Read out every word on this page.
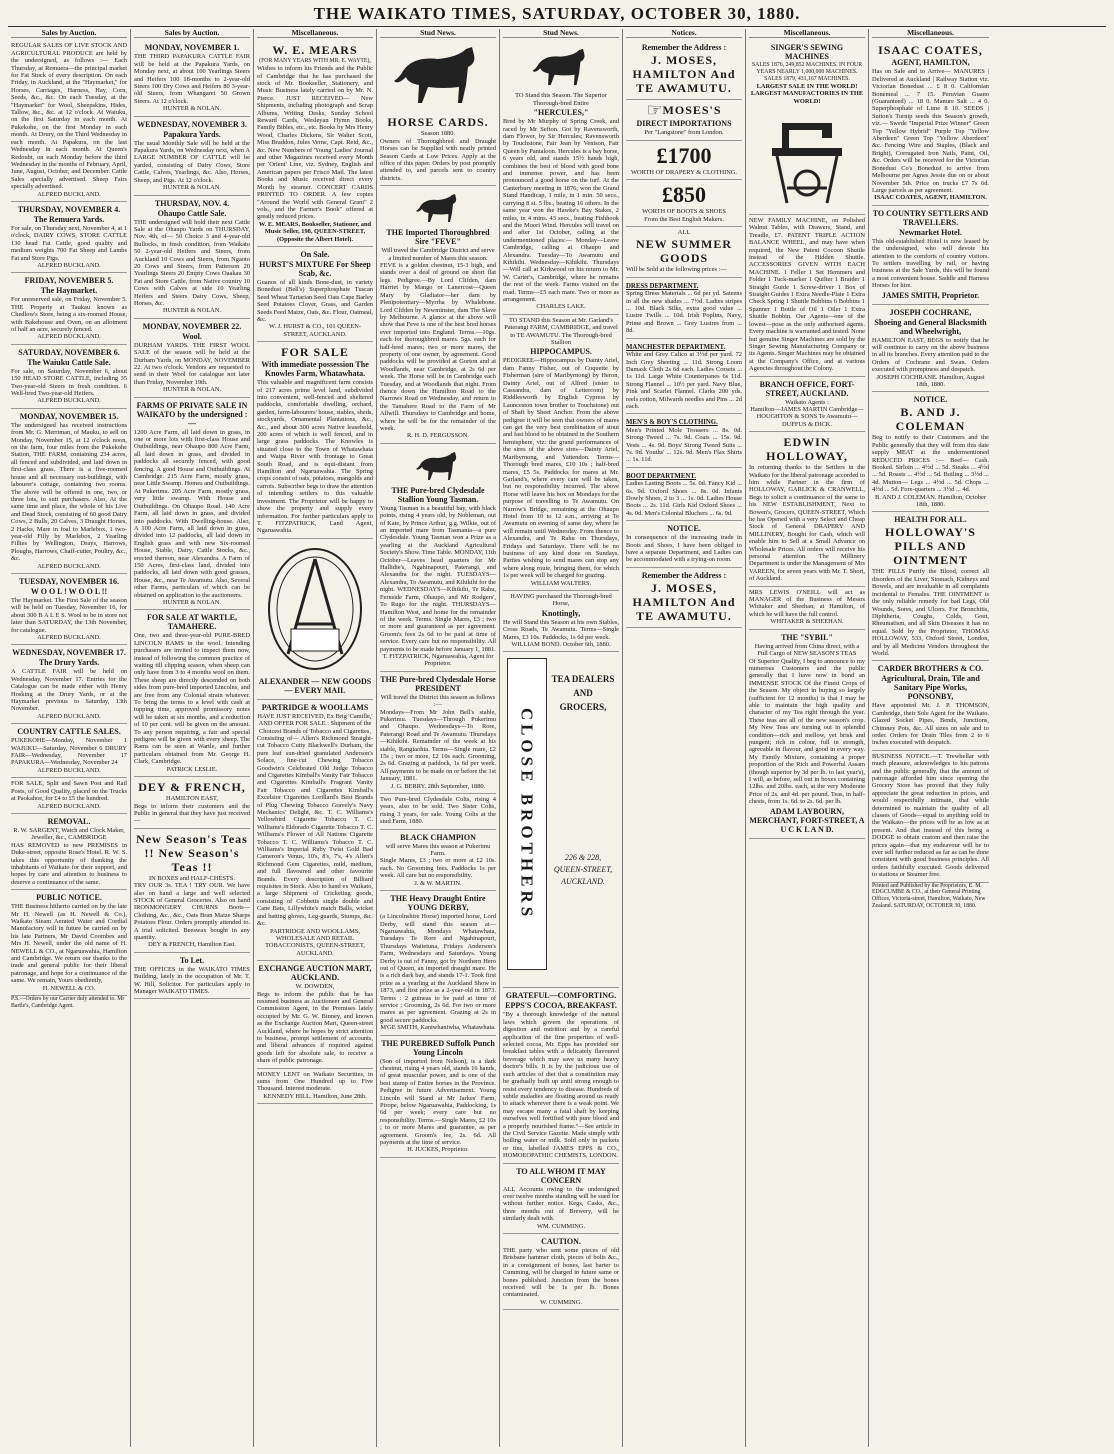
THE WAIKATO TIMES, SATURDAY, OCTOBER 30, 1880.
Sales by Auction.
REGULAR SALES OF LIVE STOCK AND AGRICULTURAL PRODUCE are held by the undersigned, as follows :— Each Thursday, at Remuera—the principal market for Fat Stock of every description. On each Friday, in Auckland, at the "Haymarket," for Horses, Carriages, Harness, Hay, Corn, Seeds, &c., &c. On each Tuesday, at the "Haymarket" for Wool, Sheepskins, Hides, Tallow, &c., &c. at 12 o'clock. At Waiuku, on the first Saturday in each month. At Pukekohe, on the first Monday in each month. At Drury, on the Third Wednesday in each month. At Papakura, on the last Wednesday in each month. At Queen's Redoubt, on each Monday before the third Wednesday in the months of February, April, June, August, October, and December. Cattle Sales specially advertised. Sheep Fairs specially advertised.
ALFRED BUCKLAND.
THURSDAY, NOVEMBER 4.
The Remuera Yards.
For sale, on Thursday next, November 4, at 1 o'clock, DAIRY COWS, STORE CATTLE 130 head Fat Cattle, good quality and medium weights 700 Fat Sheep and Lambs Fat and Store Pigs.
ALFRED BUCKLAND.
FRIDAY, NOVEMBER 5.
The Haymarket.
For unreserved sale, on Friday, November 5. THE Property at Taukau known as Chedlow's Store, being a six-roomed House, with Bakehouse and Oven, on an allotment of half an acre, securely fenced.
ALFRED BUCKLAND.
SATURDAY, NOVEMBER 6.
The Waiuku Cattle Sale.
For sale, on Saturday, November 6, about 150 HEAD STORE CATTLE, including 35 Two-year-old Steers in fresh condition. 6 Well-bred Two-year-old Heifers.
ALFRED BUCKLAND.
MONDAY, NOVEMBER 15.
The undersigned has received instructions from Mr. G. Merriman, of Mauku, to sell on Monday, November 15, at 12 o'clock noon, on the farm, four miles from the Pukekohe Station, THE FARM, containing 234 acres, all fenced and subdivided, and laid down in first-class grass. There is a five-roomed house and all necessary out-buildings, with labourer's cottage, containing two rooms. The above will be offered in one, two, or three lots, to suit purchasers. Also, At the same time and place, the whole of his Live and Dead Stock, consisting of 60 good Dairy Cows, 2 Bulls, 20 Calves, 3 Draught Horses, 2 Hacks, Mare in foal to Marlebox, 1 two-year-old Filly by Marlebox, 2 Yearling Fillies by Wellington, Drays, Harrows, Ploughs, Harrows, Chaff-cutter, Poultry, &c., &c.
ALFRED BUCKLAND.
TUESDAY, NOVEMBER 16.
W O O L ! W O O L !!
The Haymarket. The First Sale of the season will be held on Tuesday, November 16, for about 300 B A L E S. Wool to be in store not later than SATURDAY, the 13th November, for catalogue.
ALFRED BUCKLAND.
WEDNESDAY, NOVEMBER 17.
The Drury Yards.
A CATTLE FAIR will be held on Wednesday, November 17. Entries for the Catalogue can be made either with Henry Hosking at the Drury Yards, or at the Haymarket previous to Saturday, 13th November.
ALFRED BUCKLAND.
COUNTRY CATTLE SALES.
PUKEKOHE—Monday, November 1 WAIUKU—Saturday, November 6 DRURY FAIR—Wednesday, November 17 PAPAKURA—Wednesday, November 24
ALFRED BUCKLAND.
FOR SALE, Split and Sawn Post and Rail Posts, of Good Quality, placed on the Trucks at Paokahoe, for £4 to £5 the hundred.
ALFRED BUCKLAND.
REMOVAL.
R. W. SARGENT, Watch and Clock Maker, Jeweller, &c., CAMBRIDGE
HAS REMOVED to new PREMISES in Duke-street, opposite Rose's Hotel. R. W. S. takes this opportunity of thanking the inhabitants of Waikato for their support, and hopes by care and attention to business to deserve a continuance of the same.
PUBLIC NOTICE.
THE Business hitherto carried on by the late Mr H. Newell (as H. Newell & Co.), Waikato Steam Aerated Water and Cordial Manufactory will in future be carried on by his late Partners, Mr David Coombes and Mrs H. Newell, under the old name of H. NEWELL & CO., at Ngaruawahia, Hamilton and Cambridge. We return our thanks to the trade and general public for their liberal patronage, and hope for a continuance of the same. We remain, Yours obediently,
H. NEWELL & CO.
P.S.—Orders by our Carrier duly attended to. Mr Bartle's, Cambridge Agent.
Sales by Auction.
MONDAY, NOVEMBER 1.
THE THIRD PAPAKURA CATTLE FAIR will be held at the Papakura Yards, on Monday next, at about 100 Yearlings Steers and Heifers 100 18-months to 2-year-old Steers 100 Dry Cows and Heifers 80 3-year-old Steers, from Whangarei 50 Grown Steers. At 12 o'clock.
HUNTER & NOLAN.
WEDNESDAY, NOVEMBER 3.
Papakura Yards.
The usual Monthly Sale will be held at the Papakura Yards, on Wednesday next, when A LARGE NUMBER OF CATTLE will be yarded, consisting of Dairy Cows, Store Cattle, Calves, Yearlings, &c. Also, Horses, Sheep, and Pigs. At 12 o'clock.
HUNTER & NOLAN.
THURSDAY, NOV. 4.
Ohaupo Cattle Sale.
THE undersigned will hold their next Cattle Sale at the Ohaupo Yards on THURSDAY, Nov. 4th, of— 50 Choice 3 and 4-year-old Bullocks, in fresh condition, from Waikato 50 2-year-old Heifers and Steers, from Auckland 10 Cows and Steers, from Ngaoto 20 Cows and Steers, from Patterson 20 Yearlings Steers 20 Empty Cows Oaakau 30 Fat and Store Cattle, from Native country 10 Cows with Calves at side 10 Yearling Heifers and Steers Dairy Cows, Sheep, Horses, &c.
HUNTER & NOLAN.
MONDAY, NOVEMBER 22.
Wool.
DURHAM YARDS. THE FIRST WOOL SALE of the season will be held at the Durham Yards, on MONDAY, NOVEMBER 22. At two o'clock. Vendors are requested to send in their Wool for catalogue not later than Friday, November 19th.
HUNTER & NOLAN.
FARMS OF PRIVATE SALE IN WAIKATO by the undersigned :—
1200 Acre Farm, all laid down in grass, in one or more lots with first-class House and Outbuildings, near Ohaupo 800 Acre Farm, all laid down in grass, and divided in paddocks all securely fenced, with good fencing. A good House and Outbuildings. At Cambridge. 215 Acre Farm, mostly grass, near Little Swamp. Homes and Outbuildings. At Pukerimu. 205 Acre Farm, mostly grass, very little swamp. With House and Outbuildings. On Ohaupo Road. 140 Acre Farm, all laid down in grass, and divided into paddocks. With Dwelling-house. Also, A 100 Acre Farm, all laid down in grass, divided into 12 paddocks, all laid down in English grass and with new Six-roomed House, Stable, Dairy, Cattle Stocks, &c., erected thereon, near Alexandra. A Farm of 150 Acres, first-class land, divided into paddocks, all laid down with good grasses, House, &c., near Te Awamutu. Also, Several other Farms, particulars of which can be obtained on application to the auctioneers.
HUNTER & NOLAN.
FOR SALE AT WARTLE, TAMAHERE.
One, two and three-year-old PURE-BRED LINCOLN RAMS in the wool. Intending purchasers are invited to inspect them now, instead of following the common practice of waiting till clipping season, when sheep can only have from 3 to 4 months wool on them. These sheep are directly descended on both sides from pure-bred imported Lincolns, and are free from any Colonial strain whatever. To bring the terms to a level with cash at tupping time, approved promissory notes will be taken at six months, and a reduction of 10 per cent. will be given on the amount. To any person requiring, a fair and special pedigree will be given with every sheep. The Rams can be seen at Wartle, and further particulars obtained from Mr. George H. Clark, Cambridge.
PATRICK LESLIE.
DEY & FRENCH,
HAMILTON EAST,
Begs to inform their customers and the Public in general that they have just received—
New Season's Teas !! New Season's Teas !!
IN BOXES and HALF-CHESTS.
TRY OUR 3s. TEA ! TRY OUR. We have also on hand a large and well selected STOCK of General Groceries. Also on hand IRONMONGERY CHURNS Boots—Clothing, &c., &c., Oats Bran Maize Sharps Potatoes Flour. Orders promptly attended to. A trial solicited. Beeswax bought in any quantity.
DEY & FRENCH, Hamilton East.
To Let.
THE OFFICES in the WAIKATO TIMES Building, lately in the occupation of Mr. T. W. Hill, Solicitor. For particulars apply to Manager WAIKATO TIMES.
Miscellaneous.
W. E. MEARS
(FOR MANY YEARS WITH MR. E. WAYTE),
Wishes to inform his Friends and the Public of Cambridge that he has purchased the stock of Mr. Bookseller, Stationery, and Music Business lately carried on by Mr. N. Pierce. JUST RECEIVED— New Shipments, including photograph and Scrap Albums, Writing Desks, Sunday School Reward Cards, Wesleyan Hymn Books, Family Bibles, etc., etc. Books by Mrs Henry Wood, Charles Dickens, Sir Walter Scott, Miss Braddon, Jules Verne, Capt. Reid, &c., &c. New Numbers of 'Young' Ladies' Journal and other Magazines received every Month per 'Orient' Line, viz. Sydney, English and American papers per Frisco Mail. The latest Books and Music received direct every Month by steamer. CONCERT CARDS PRINTED TO ORDER. A few copies "Around the World with General Grant" 2 vols., and the Farmer's Book" offered at greatly reduced prices.
W. E. MEARS, Bookseller, Stationer, and Music Seller, 198, QUEEN-STREET, (Opposite the Albert Hotel).
On Sale.
HURST'S MIXTURE For Sheep Scab, &c.
Guanos of all kinds Bone-dust, in variety Bonedust (Bell's) Superphosphate Tuscan Seed Wheat Tartarian Seed Oats Cape Barley Seed Potatoes Clover, Grass, and Garden Seeds Feed Maize, Oats, &c. Flour, Oatmeal, &c.
W. J. HURST & CO., 101 QUEEN-STREET, AUCKLAND.
FOR SALE
With immediate possession The Knowles Farm, Whatawhata.
This valuable and magnificent farm consists of 217 acres prime level land, subdivided into convenient, well-fenced and sheltered paddocks, comfortable dwelling, orchard, garden, farm-labourers' house, stables, sheds, stockyards, Ornamental Plantations, &c., &c., and about 300 acres Native leasehold, 200 acres of which is well fenced, and in large grass paddocks. The Knowles is situated close to the Town of Whatawhata and Waipa River with frontage to Great South Road, and is equi-distant from Hamilton and Ngaruawahia. The Spring crops consist of oats, potatoes, mangolds and carrots. Subscriber begs to draw the attention of intending settlers to this valuable investment. The Proprietor will be happy to show the property and supply every information. For further particulars apply to T. FITZPATRICK, Land Agent, Ngaruawahia.
ALEXANDER — NEW GOODS — EVERY MAIL
PARTRIDGE & WOOLLAMS
HAVE JUST RECEIVED, Ex Brig 'Camille,' AND OFFER FOR SALE : Shipment of the Choicest Brands of Tobacco and Cigarettes,
Consisting of— Allen's Richmond Straight-cut Tobacco Cutty Blackwell's Durham, the pure leaf sun-dried granulated Anderson's Solace, fine-cut Chewing Tobacco Goodwin's Celebrated Old Judge Tobacco and Cigarettes Kimball's Vanity Fair Tobacco and Cigarettes Kimball's Fragrant Vanity Fair Tobacco and Cigarettes Kimball's Excelsior Cigarettes Lorillard's Best Brands of Plug Chewing Tobacco Gravely's Navy Mechanics' Delight, &c. T. C. Williams's Yellowbird Cigarette Tobacco T. C. Williams's Eldorado Cigarette Tobacco T. C. Williams's Flower of All Nations Cigarette Tobacco T. C. Williams's Tobacco T. C. Williams's Imperial Ruby Twist Gold Bad Cameron's Venus, 10's, 8's, 7's, 4's Allen's Richmond Gem Cigarettes, mild, medium, and full flavoured and other favourite Brands. Every description of Billiard requisites in Stock. Also to hand ex Waikato, a large Shipment of Cricketing goods, consisting of Cobbetts single double and Cane Bats, Lillywhite's match Balls, wicket and batting gloves, Leg-guards, Stumps, &c. &c.
PARTRIDGE AND WOOLLAMS, WHOLESALE AND RETAIL TOBACCONISTS, QUEEN-STREET, AUCKLAND.
EXCHANGE AUCTION MART, AUCKLAND.
W. DOWDEN,
Begs to inform the public that he has resumed business as Auctioneer and General Commission Agent, in the Premises lately occupied by Mr. G. W. Binney, and known as the Exchange Auction Mart, Queen-street Auckland, where he hopes by strict attention to business, prompt settlement of accounts, and liberal advances if required against goods left for absolute sale, to receive a share of public patronage.
MONEY LENT on Waikato Securities, in sums from One Hundred up to Five Thousand. Interest moderate.
KENNEDY HILL. Hamilton, June 28th.
Stud News.
HORSE CARDS.
Season 1880.
Owners of Thoroughbred and Draught Horses can be Supplied with neatly printed Season Cards at Low Prices. Apply at the office of this paper. Orders by post promptly attended to, and parcels sent to country districts.
THE Imported Thoroughbred Sire "FEVE"
Will travel the Cambridge District and serve a limited number of Mares this season.
FEVE is a golden chestnut, 15-3 high, and stands over a deal of ground on short flat legs. Pedigree.—By Lord Clifden, dam Harriet by Mango or Lanercost—Queen Mary by Gladiator—her dam by Plenipotentiary—Myrrha by Whalebone. Lord Clifden by Newminster, dam The Slave by Melbourne. A glance at the above will show that Feve is one of the best bred horses ever imported into England. Terms.—10gs. each for thoroughbred mares. 5gs. each for half-bred mares; two or more mares, the property of one owner, by agreement. Good paddocks will be provided at Gorton and at Woodlands, near Cambridge, at 2s 6d per week. The Horse will be in Cambridge each Tuesday, and at Woodlands that night. From thence down the Hamilton Road to the Narrows Road on Wednesday, and return to the Tamahere Road to the Farm of Mr Allwill. Thursdays to Cambridge and home, where he will be for the remainder of the week.
R. H. D. FERGUSSON.
THE Pure-bred Clydesdale Stallion Young Tasman.
Young Tasman is a beautiful bay, with black points, rising 4 years old, by Nobleman, out of Kate, by Prince Arthur, g.g. Wilkie, out of an imported mare from Tasmania—a pure Clydesdale. Young Tasman won a Prize as a yearling at the Auckland Agricultural Society's Show. Time Table. MONDAY, 11th October—Leaves head quarters for Mr Hallidie's, Ngahinapouri, Paterangi, and Alexandra for the night. TUESDAYS—Alexandra, To Awamutu, and Kihikihi for the night. WEDNESDAYS—Kihikihi, Te Rahu, Fernside Farm, Ohaupo, and Mr Rodgers', To Rugo for the night. THURSDAYS—Hamilton West, and home for the remainder of the week. Terms. Single Mares, £3 ; two or more and guaranteed as per agreement. Groom's fees 2s 6d to be paid at time of service. Every care but no responsibility. All payments to be made before January 1, 1881.
T. FITZPATRICK, Ngaruawahia, Agent for Proprietor.
THE Pure-bred Clydesdale Horse PRESIDENT
Will travel the District this season as follows :—
Mondays—From Mr John Bell's stable, Pukerimu. Tuesdays—Through Pukerimu and Ohaupo. Wednesdays—To Rore, Paterangi Road and Te Awamutu. Thursdays—Kihikihi. Remainder of the week at his stable, Rangiaohia. Terms—Single mare, £2 15s ; two or more, £2 10s each. Grooming, 2s 6d. Grazing at paddock, 1s 6d per week. All payments to be made on or before the 1st January, 1881.
J. G. BERRY. 28th September, 1880.
Two Pure-bred Clydesdale Colts, rising 4 years, also to be sold. Two Sister Colts, rising 3 years, for sale. Young Colts at the stud Farm, 1880.
BLACK CHAMPION
will serve Mares this season at Pukerimu Farm.
Single Mares, £3 ; two or more at £2 10s. each. No Grooming fees. Paddocks 1s per week. All care but no responsibility.
J. & W. MARTIN.
THE Heavy Draught Entire YOUNG DERBY,
(a Lincolnshire Horse) imported horse, Lord Derby, will stand this season at— Ngaruawahia, Mondays Whatawhata, Tuesdays Te Rore and Ngahinapouri, Thursdays Waitetuna, Fridays Anderson's Farm, Wednesdays and Saturdays. Young Derby is out of Fanny, got by Northern Hero out of Queen, an imported draught mare. He is a rich dark bay, and stands 17-1. Took first prize as a yearling at the Auckland Show in 1873, and first prize as a 2-year-old in 1873. Terms : 2 guineas to be paid at time of service ; Grooming, 2s 6d. For two or more mares as per agreement. Grazing at 2s in good secure paddocks.
M'GE SMITH, Kaniwhaniwha, Whatawhata.
THE PUREBRED Suffolk Punch Young Lincoln
(Son of imported from Nelson), is a dark chestnut, rising 4 years old, stands 16 hands, of great muscular power, and is one of the best stamp of Entire horses in the Province. Pedigree in future Advertisement. Young Lincoln will Stand at Mr Jarkes' Farm, Pirope, below Ngaruawahia, Paddocking, 1s 6d per week; every care but no responsibility. Terms.—Single Mares, £2 10s ; to or more Mares and guarantee, as per agreement. Groom's fee, 2s. 6d. All payments at the time of service.
H. JUCKES, Proprietor.
Stud News.
TO Stand this Season. The Superior Thorough-bred Entire
"HERCULES,"
Bred by Mr Murphy of Spring Creek, and raced by Mr Sefton. Got by Ravensworth, dam Flower, by Sir Hercules; Ravensworth by Touchstone, Fair Jean by Venison, Fair Queen by Pantaloon. Hercules is a bay horse, 6 years old, and stands 15½ hands high, combines the best of blood with good bone and immense power, and has been pronounced a good horse on the turf. At the Canterbury meeting in 1876, won the Grand Stand Handicap, 1 mile, in 1 min. 50 secs., carrying 8 st. 5 lbs., beating 16 others. In the same year won the Hawke's Bay Stakes, 2 miles, in 4 mins. 43 secs., beating Fishhook and the Moori Wind. Hercules will travel on and after 1st October, calling at the undermentioned places:— Monday—Leave Cambridge, calling at Ohaupo and Alexandra. Tuesday—To Awamutu and Kihikihi. Wednesday—Kihikihi. Thursdays—Will call at Kirkwood on his return to Mr. W. Carter's, Cambridge, where he remains the rest of the week. Farms visited on the road. Terms—£5 each mare. Two or more as arrangement.
CHARLES LAKE.
TO STAND this Season at Mr. Garland's Paterangi FARM, CAMBRIDGE, and travel to TE AWAMUTU. The Thorough-bred Stallion
HIPPOCAMPUS.
PEDIGREE—Hippocampus by Dainty Ariel, dam Fanny Fisher, out of Coquette by Fisherman (sire of Maribyrnong) by Heron, Dainty Ariel, out of Alfred (sister to Cassandra, dam of Lettercom) by Riddlesworth by English Cypress by Launceston town brother to Touchstone) out of Shaft by Sheet Anchor. From the above pedigree it will be seen that owners of mares can get the very best combination of stout and fast blood to be obtained in the Southern hemisphere, viz: the grand performances of the sires of the above sires—Dainty Ariel, Maribyrnong, and Yattendon. Terms—Thorough bred mares, £10 10s ; half-bred mares, £5 5s. Paddocks for mares at Mr. Garland's, where every care will be taken, but no responsibility incurred. The above Horse will leave his box on Mondays for the purpose of travelling to Te Awamutu. On Narrow's Bridge, remaining at the Ohaupo Hotel from 10 to 12 a.m., arriving at Te Awamutu on evening of same day, where he will remain until Wednesday. From thence to Alexandra, and Te Rahu on Thursdays, Fridays and Saturdays. There will be no business of any kind done on Sundays. Parties wishing to send mares can stop any where along route, bringing them, for which 1s per week will be charged for grazing.
WILLIAM WALTERS.
HAVING purchased the Thorough-bred Horse,
Knottingly,
He will Stand this Season at his own Stables, Cross Roads, Te Awamutu. Terms—Single Mares, £3 10s. Paddocks, 1s 6d per week.
WILLIAM BOND. October 6th, 1880.
CLOSE BROTHERS
TEA DEALERS AND GROCERS,
226 & 228, QUEEN-STREET, AUCKLAND.
GRATEFUL—COMFORTING.
EPPS'S COCOA, BREAKFAST.
"By a thorough knowledge of the natural laws which govern the operations of digestion and nutrition and by a careful application of the fine properties of well-selected cocoa, Mr. Epps has provided our breakfast tables with a delicately flavoured beverage which may save us many heavy doctor's bills. It is by the judicious use of such articles of diet that a constitution may be gradually built up until strong enough to resist every tendency to disease. Hundreds of subtle maladies are floating around us ready to attack wherever there is a weak point. We may escape many a fatal shaft by keeping ourselves well fortified with pure blood and a properly nourished frame."—See article in the Civil Service Gazette. Made simply with boiling water or milk. Sold only in packets or tins, labelled JAMES EPPS & CO., HOMOEOPATHIC CHEMISTS, LONDON.
TO ALL WHOM IT MAY CONCERN
ALL Accounts owing to the undersigned over twelve months standing will be sued for without further notice. Kegs, Casks, &c., three months out of Brewery, will be similarly dealt with.
WM. CUMMING.
CAUTION.
THE party who sent some pieces of old Brisbane hammer cloth, pieces of bolts &c., in a consignment of bones, last barter to Cumming, will be charged in future same or bones published. Junction from the bones received will be 1s per lb. Bones contaminated.
W. CUMMING.
Notices.
Remember the Address :
J. MOSES, HAMILTON And TE AWAMUTU.
☞ MOSES'S
DIRECT IMPORTATIONS
Per "Langstone" from London.
£1700
WORTH OF DRAPERY & CLOTHING.
£850
WORTH OF BOOTS & SHOES
From the Best English Makers.
ALL
NEW SUMMER GOODS
Will be Sold at the following prices :—
DRESS DEPARTMENT.
Spring Dress Materials ... 6d per yd. Sateens in all the new shades ... 7½d. Ladies stripes ... 10d. Black Silks, extra good value ... Lustre Twills ... 10d. Irish Poplins, Navy, Prime and Brown ... Grey Lustres from ... 8d.
MANCHESTER DEPARTMENT.
White and Grey Calico at 3½d per yard. 72 Inch Grey Sheeting ... 11d. Strong Loom Damask Cloth 2s 6d each. Ladies Corsets ... 1s 11d. Large White Counterpanes 6s 11d. Strong Flannel ... 10½ per yard. Navy Blue, Pink and Scarlet Flannel. Clarks 200 yds. reels cotton, Milwards needles and Pins ... 2d each.
MEN'S & BOY'S CLOTHING.
Men's Printed Mole Trousers ... 8s. 0d. Strong Tweed ... 7s. 9d. Coats ... 15s. 9d. Vests ... 4s. 9d. Boys' Strong Tweed Suits ... 7s. 9d. Youths' ... 12s. 9d. Men's Flax Shirts ... 1s. 11d.
BOOT DEPARTMENT.
Ladies Lasting Boots ... 5s. 0d. Fancy Kid ... 6s. 9d. Oxford Shoes ... 8s. 0d. Infants Dowly Shoes, 2 to 3 ... 1s. 0d. Ladies House Boots ... 2s. 11d. Girls Kid Oxford Shoes ... 4s. 0d. Men's Colonial Bluchers ... 6s. 9d.
NOTICE.
In consequence of the increasing trade in Boots and Shoes, I have been obliged to have a separate Department, and Ladies can be accommodated with a trying-on room.
Remember the Address :
J. MOSES, HAMILTON And TE AWAMUTU.
Miscellaneous.
SINGER'S SEWING MACHINES
SALES 1876, 249,852 MACHINES. IN FOUR YEARS NEARLY 1,000,000 MACHINES. SALES 1879, 431,167 MACHINES.
LARGEST SALE IN THE WORLD! LARGEST MANUFACTORIES IN THE WORLD!
NEW FAMILY MACHINE, on Polished Walnut Tables, with Drawers, Stand, and Treadle, £7. PATENT TRIPLE ACTION BALANCE WHEEL, and may have when required, the New Patent Cocoon Shuttle instead of the Hidden Shuttle. ACCESSORIES GIVEN WITH EACH MACHINE. 1 Feller 1 Set Hemmers and Folder 1 Tuck-marker 1 Quilter 1 Braider 1 Straight Guide 1 Screw-driver 1 Box of Straight Guides 1 Extra Needle-Plate 1 Extra Check Spring 1 Shuttle Bobbins 6 Bobbins 1 Spanner 1 Bottle of Oil 1 Oiler 1 Extra Shuttle Bobbin. Our Agents—one of the lowest—pose as the only authorised agents. Every machine is warranted and tested. None but genuine Singer Machines are sold by the Singer Sewing Manufacturing Company or its Agents. Singer Machines may be obtained at the Company's Office, and at various Agencies throughout the Colony.
BRANCH OFFICE, FORT-STREET, AUCKLAND.
Waikato Agents :
Hamilton—JAMES MARTIN Cambridge—HOUGHTON & SONS Te Awamutu—DUFFUS & DICK.
EDWIN HOLLOWAY,
In returning thanks to the Settlers in the Waikato for the liberal patronage accorded to him while Partner in the firm of HOLLOWAY, GARLICK & CRANWELL, Begs to solicit a continuance of the same to his NEW ESTABLISHMENT, Next to Bowen's, Grocers, QUEEN-STREET, Which he has Opened with a very Select and Cheap Stock of General DRAPERY AND MILLINERY, Bought for Cash, which will enable him to Sell at a Small Advance on Wholesale Prices. All orders will receive his personal attention. The Millinery Department is under the Management of Mrs VAREEN, for seven years with Mr. T. Short, of Auckland.
MRS LEWIS O'NEILL will act as MANAGER of the Business of Messrs Whitaker and Sheehan, at Hamilton, of which he will have the full control.
WHITAKER & SHEEHAN.
THE "SYBIL"
Having arrived from China direct, with a Full Cargo of NEW SEASON'S TEAS
Of Superior Quality, I beg to announce to my numerous Customers and the public generally that I have now in bond an IMMENSE STOCK Of the Finest Crops of the Season. My object in buying so largely (sufficient for 12 months) is that I may be able to maintain the high quality and character of my Tea right through the year. These teas are all of the new season's crop. My New Teas are turning out in splendid condition—rich and mellow, yet brisk and pungent; rich in colour, full in strength, agreeable in flavour, and good in every way. My Family Mixture, containing a proper proportion of the Rich and Powerful Assam (though superior by 3d per lb. to last year's), I will, as before, sell out in boxes containing 12lbs. and 20lbs. each, at the very Moderate Price of 2s. and 4d. per pound. Teas, in half-chests, from 1s. 6d. to 2s. 6d. per lb.
ADAM LAYBOURN, MERCHANT, FORT-STREET, A U C K L A N D.
Miscellaneous.
ISAAC COATES,
AGENT, HAMILTON,
Has on Sale and to Arrive— MANURES | Delivered at Auckland | Railway Station viz. Victorian Bonedust ... £ 8 0. Californian Bonemeal ... 7 15. Peruvian Guano (Guaranteed) ... 18 0. Manure Salt ... 4 0. Superphosphate of Lime 8 10. SEEDS | Sutton's Turnip seeds this Season's growth, viz.— Swede "Imperial Prize Winner" Green Top "Yellow Hybrid" Purple Top "Yellow Aberdeen" Green Top "Yellow Aberdeen" &c. Fencing Wire and Staples, (Black and Bright), Corrugated Iron Nails, Paint, Oil, &c. Orders will be received for the Victorian Bonedust Co's Bonedust to arrive from Melbourne per Agnes Jessie due on or about November 5th. Price on trucks £7 7s 6d. Large parcels as per agreement.
ISAAC COATES, AGENT, HAMILTON.
TO COUNTRY SETTLERS AND TRAVELLERS.
Newmarket Hotel.
This old-established Hotel is now leased by the undersigned, who will devote his attention to the comforts of country visitors. To settlers travelling by rail, or having business at the Sale Yards, this will be found a most convenient house. Saddle and Harness Horses for hire.
JAMES SMITH, Proprietor.
JOSEPH COCHRANE,
Shoeing and General Blacksmith and Wheelwright,
HAMILTON EAST, BEGS to notify that he will continue to carry on the above business in all its branches. Every attention paid to the Orders of Cochrane and Swan. Orders executed with promptness and despatch.
JOSEPH COCHRANE. Hamilton, August 18th, 1880.
NOTICE.
B. AND J. COLEMAN
Beg to notify to their Customers and the Public generally that they will from this date supply MEAT at the undermentioned REDUCED PRICES :— Beef— Cash. Booked. Sirloin ... 4½d ... 5d. Steaks ... 4½d ... 5d. Roasts ... 4½d ... 5d. Boiling ... 3½d ... 4d. Mutton— Legs ... 4½d ... 5d. Chops ... 4½d ... 5d. Fore-quarters ... 3½d ... 4d.
B. AND J. COLEMAN. Hamilton, October 18th, 1880.
HEALTH FOR ALL.
HOLLOWAY'S PILLS AND OINTMENT
THE PILLS Purify the Blood, correct all disorders of the Liver, Stomach, Kidneys and Bowels, and are invaluable in all complaints incidental to Females. THE OINTMENT is the only reliable remedy for bad Legs, Old Wounds, Sores, and Ulcers. For Bronchitis, Diphtheria, Coughs, Colds, Gout, Rheumatism, and all Skin Diseases it has no equal. Sold by the Proprietor, THOMAS HOLLOWAY, 533, Oxford Street, London, and by all Medicine Vendors throughout the World.
CARDER BROTHERS & CO.
Agricultural, Drain, Tile and Sanitary Pipe Works, PONSONBY,
Have appointed Mr. J. P. THOMSON, Cambridge, their Sole Agent for the Waikato. Glazed Socket Pipes, Bends, Junctions, Chimney Pots, &c. All sizes on sale and to order. Orders for Drain Tiles from 2 to 6 inches executed with despatch.
BUSINESS NOTICE.—T. Trewhellar with much pleasure, acknowledges to his patrons and the public generally, that the amount of patronage afforded him since opening the Grocery Store has proved that they fully appreciate the great reduction in prices, and would respectfully intimate, that while determined to maintain the quality of all classes of Goods—equal to anything sold in the Waikato—the prices will be as low as at present. And that instead of this being a DODGE to obtain custom and then raise the prices again—that my endeavour will be to ever sell further reduced as far as can be done consistent with good business principles. All orders faithfully executed. Goods delivered to stations or Steamer free.
Printed and Published by the Proprietors, E. M. EDGCUMBE & CO., at their General Printing Offices, Victoria-street, Hamilton, Waikato, New Zealand. SATURDAY, OCTOBER 30, 1880.
